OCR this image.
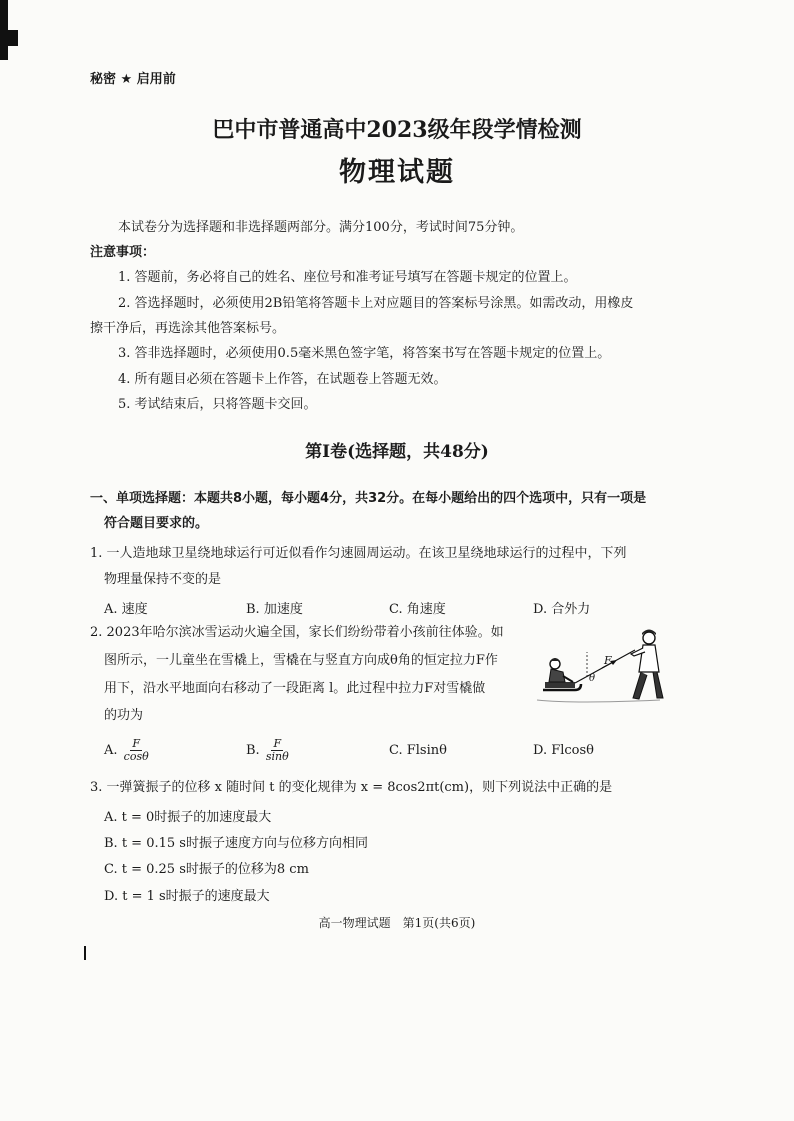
秘密 ★ 启用前
巴中市普通高中2023级年段学情检测
物理试题
本试卷分为选择题和非选择题两部分。满分100分，考试时间75分钟。
注意事项：
1. 答题前，务必将自己的姓名、座位号和准考证号填写在答题卡规定的位置上。
2. 答选择题时，必须使用2B铅笔将答题卡上对应题目的答案标号涂黑。如需改动，用橡皮
擦干净后，再选涂其他答案标号。
3. 答非选择题时，必须使用0.5毫米黑色签字笔，将答案书写在答题卡规定的位置上。
4. 所有题目必须在答题卡上作答，在试题卷上答题无效。
5. 考试结束后，只将答题卡交回。
第Ⅰ卷(选择题，共48分)
一、单项选择题：本题共8小题，每小题4分，共32分。在每小题给出的四个选项中，只有一项是
符合题目要求的。
1. 一人造地球卫星绕地球运行可近似看作匀速圆周运动。在该卫星绕地球运行的过程中，下列
物理量保持不变的是
A. 速度	B. 加速度	C. 角速度	D. 合外力
2. 2023年哈尔滨冰雪运动火遍全国，家长们纷纷带着小孩前往体验。如
图所示，一儿童坐在雪橇上，雪橇在与竖直方向成θ角的恒定拉力F作
用下，沿水平地面向右移动了一段距离 l。此过程中拉力F对雪橇做
的功为
F
θ
A. $\frac{F}{\cos\theta}$	B. $\frac{F}{\sin\theta}$	C. Flsinθ	D. Flcosθ
3. 一弹簧振子的位移 x 随时间 t 的变化规律为 x = 8cos2πt(cm)，则下列说法中正确的是
A. t = 0时振子的加速度最大
B. t = 0.15 s时振子速度方向与位移方向相同
C. t = 0.25 s时振子的位移为8 cm
D. t = 1 s时振子的速度最大
高一物理试题　第1页(共6页)
